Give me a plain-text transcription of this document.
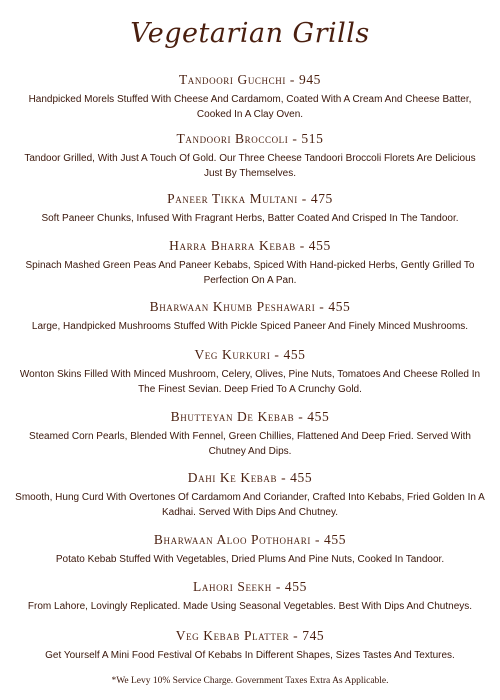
Vegetarian Grills
Tandoori Guchchi - 945
Handpicked Morels Stuffed With Cheese And Cardamom, Coated With A Cream And Cheese Batter, Cooked In A Clay Oven.
Tandoori Broccoli - 515
Tandoor Grilled, With Just A Touch Of Gold. Our Three Cheese Tandoori Broccoli Florets Are Delicious Just By Themselves.
Paneer Tikka Multani - 475
Soft Paneer Chunks, Infused With Fragrant Herbs, Batter Coated And Crisped In The Tandoor.
Harra Bharra Kebab - 455
Spinach Mashed Green Peas And Paneer Kebabs, Spiced With Hand-picked Herbs, Gently Grilled To Perfection On A Pan.
Bharwaan Khumb Peshawari - 455
Large, Handpicked Mushrooms Stuffed With Pickle Spiced Paneer And Finely Minced Mushrooms.
Veg Kurkuri - 455
Wonton Skins Filled With Minced Mushroom, Celery, Olives, Pine Nuts, Tomatoes And Cheese Rolled In The Finest Sevian. Deep Fried To A Crunchy Gold.
Bhutteyan De Kebab - 455
Steamed Corn Pearls, Blended With Fennel, Green Chillies, Flattened And Deep Fried. Served With Chutney And Dips.
Dahi Ke Kebab - 455
Smooth, Hung Curd With Overtones Of Cardamom And Coriander, Crafted Into Kebabs, Fried Golden In A Kadhai. Served With Dips And Chutney.
Bharwaan Aloo Pothohari - 455
Potato Kebab Stuffed With Vegetables, Dried Plums And Pine Nuts, Cooked In Tandoor.
Lahori Seekh - 455
From Lahore, Lovingly Replicated. Made Using Seasonal Vegetables. Best With Dips And Chutneys.
Veg Kebab Platter - 745
Get Yourself A Mini Food Festival Of Kebabs In Different Shapes, Sizes Tastes And Textures.
*We Levy 10% Service Charge. Government Taxes Extra As Applicable.
